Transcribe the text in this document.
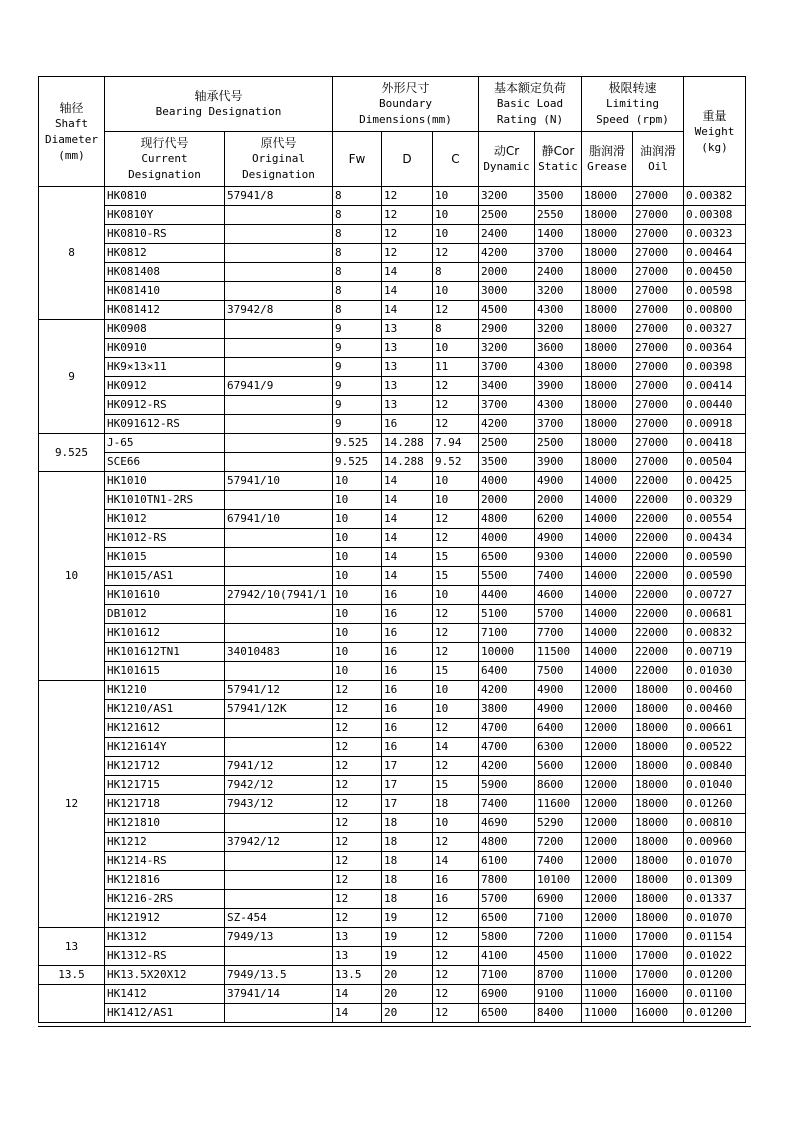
轴径
Shaft
Diameter
(mm)	轴承代号
Bearing Designation		外形尺寸
Boundary
Dimensions(mm)			基本额定负荷
Basic Load
Rating (N)		极限转速
Limiting
Speed (rpm)		重量
Weight
(kg)

	现行代号
Current
Designation	原代号
Original
Designation	Fw	D	C	动Cr
Dynamic	静Cor
Static	脂润滑
Grease	油润滑
Oil	

8	HK0810	57941/8	8	12	10	3200	3500	18000	27000	0.00382
	HK0810Y		8	12	10	2500	2550	18000	27000	0.00308
	HK0810-RS		8	12	10	2400	1400	18000	27000	0.00323
	HK0812		8	12	12	4200	3700	18000	27000	0.00464
	HK081408		8	14	8	2000	2400	18000	27000	0.00450
	HK081410		8	14	10	3000	3200	18000	27000	0.00598
	HK081412	37942/8	8	14	12	4500	4300	18000	27000	0.00800
9	HK0908		9	13	8	2900	3200	18000	27000	0.00327
	HK0910		9	13	10	3200	3600	18000	27000	0.00364
	HK9×13×11		9	13	11	3700	4300	18000	27000	0.00398
	HK0912	67941/9	9	13	12	3400	3900	18000	27000	0.00414
	HK0912-RS		9	13	12	3700	4300	18000	27000	0.00440
	HK091612-RS		9	16	12	4200	3700	18000	27000	0.00918
9.525	J-65		9.525	14.288	7.94	2500	2500	18000	27000	0.00418
	SCE66		9.525	14.288	9.52	3500	3900	18000	27000	0.00504
10	HK1010	57941/10	10	14	10	4000	4900	14000	22000	0.00425
	HK1010TN1-2RS		10	14	10	2000	2000	14000	22000	0.00329
	HK1012	67941/10	10	14	12	4800	6200	14000	22000	0.00554
	HK1012-RS		10	14	12	4000	4900	14000	22000	0.00434
	HK1015		10	14	15	6500	9300	14000	22000	0.00590
	HK1015/AS1		10	14	15	5500	7400	14000	22000	0.00590
	HK101610	27942/10(7941/1	10	16	10	4400	4600	14000	22000	0.00727
	DB1012		10	16	12	5100	5700	14000	22000	0.00681
	HK101612		10	16	12	7100	7700	14000	22000	0.00832
	HK101612TN1	34010483	10	16	12	10000	11500	14000	22000	0.00719
	HK101615		10	16	15	6400	7500	14000	22000	0.01030
12	HK1210	57941/12	12	16	10	4200	4900	12000	18000	0.00460
	HK1210/AS1	57941/12K	12	16	10	3800	4900	12000	18000	0.00460
	HK121612		12	16	12	4700	6400	12000	18000	0.00661
	HK121614Y		12	16	14	4700	6300	12000	18000	0.00522
	HK121712	7941/12	12	17	12	4200	5600	12000	18000	0.00840
	HK121715	7942/12	12	17	15	5900	8600	12000	18000	0.01040
	HK121718	7943/12	12	17	18	7400	11600	12000	18000	0.01260
	HK121810		12	18	10	4690	5290	12000	18000	0.00810
	HK1212	37942/12	12	18	12	4800	7200	12000	18000	0.00960
	HK1214-RS		12	18	14	6100	7400	12000	18000	0.01070
	HK121816		12	18	16	7800	10100	12000	18000	0.01309
	HK1216-2RS		12	18	16	5700	6900	12000	18000	0.01337
	HK121912	SZ-454	12	19	12	6500	7100	12000	18000	0.01070
13	HK1312	7949/13	13	19	12	5800	7200	11000	17000	0.01154
	HK1312-RS		13	19	12	4100	4500	11000	17000	0.01022
13.5	HK13.5X20X12	7949/13.5	13.5	20	12	7100	8700	11000	17000	0.01200
	HK1412	37941/14	14	20	12	6900	9100	11000	16000	0.01100
	HK1412/AS1		14	20	12	6500	8400	11000	16000	0.01200
